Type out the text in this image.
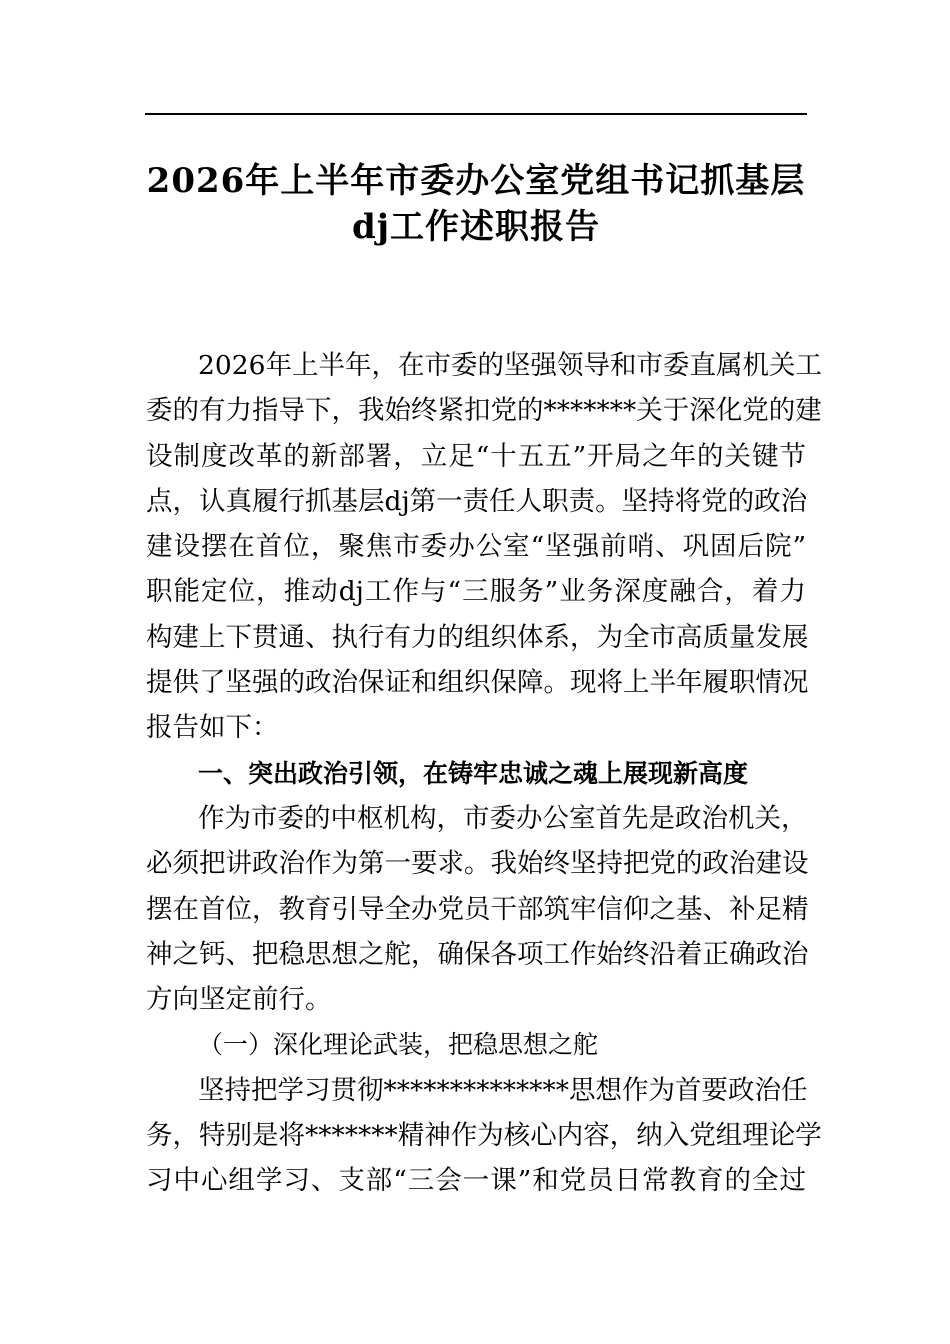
2026年上半年市委办公室党组书记抓基层
dj工作述职报告
2026年上半年，在市委的坚强领导和市委直属机关工
委的有力指导下，我始终紧扣党的*******关于深化党的建
设制度改革的新部署，立足“十五五”开局之年的关键节
点，认真履行抓基层dj第一责任人职责。坚持将党的政治
建设摆在首位，聚焦市委办公室“坚强前哨、巩固后院”
职能定位，推动dj工作与“三服务”业务深度融合，着力
构建上下贯通、执行有力的组织体系，为全市高质量发展
提供了坚强的政治保证和组织保障。现将上半年履职情况
报告如下：
一、突出政治引领，在铸牢忠诚之魂上展现新高度
作为市委的中枢机构，市委办公室首先是政治机关，
必须把讲政治作为第一要求。我始终坚持把党的政治建设
摆在首位，教育引导全办党员干部筑牢信仰之基、补足精
神之钙、把稳思想之舵，确保各项工作始终沿着正确政治
方向坚定前行。
（一）深化理论武装，把稳思想之舵
坚持把学习贯彻**************思想作为首要政治任
务，特别是将*******精神作为核心内容，纳入党组理论学
习中心组学习、支部“三会一课”和党员日常教育的全过
